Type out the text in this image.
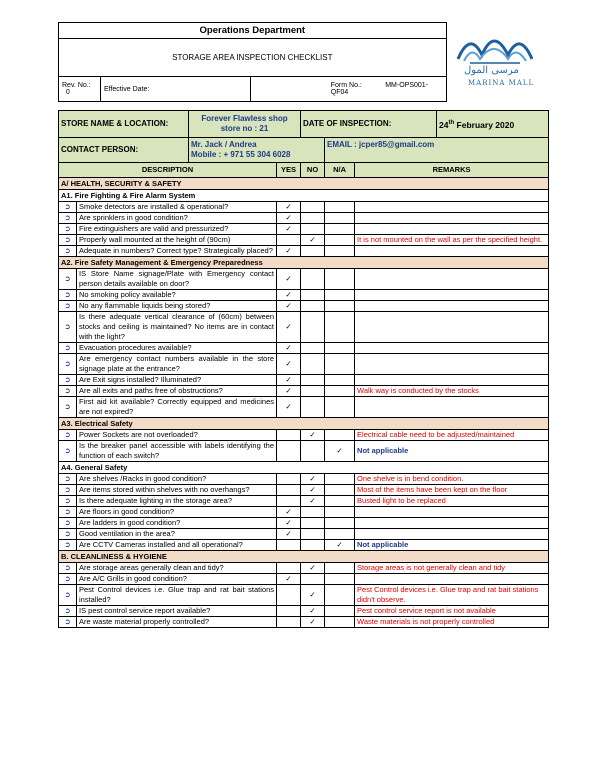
Operations Department			
STORAGE AREA INSPECTION CHECKLIST			
Rev. No.:   0	Effective Date:	Form No.: MM-OPS001-QF04	
مرسى المول
MARINA MALL
STORE NAME & LOCATION:		Forever Flawless shop store no : 21		DATE OF INSPECTION:			24th February 2020
CONTACT PERSON:		Mr. Jack / Andrea
Mobile : + 971 55 304 6028			EMAIL : jcper85@gmail.com		
DESCRIPTION			YES	NO	N/A	REMARKS	
A/ HEALTH, SECURITY & SAFETY							
A1. Fire Fighting & Fire Alarm System							
➲	Smoke detectors are installed & operational?		✓				
➲	Are sprinklers in good condition?		✓				
➲	Fire extinguishers are valid and pressurized?		✓				
➲	Properly wall mounted at the height of (90cm)			✓		It is not mounted on the wall as per the specified height.	
➲	Adequate in numbers? Correct type? Strategically placed?		✓				
A2. Fire Safety Management & Emergency Preparedness							
➲	IS Store Name signage/Plate with Emergency contact person details available on door?		✓				
➲	No smoking policy available?		✓				
➲	No any flammable liquids being stored?		✓				
➲	Is there adequate vertical clearance of (60cm) between stocks and ceiling is maintained? No items are in contact with the light?		✓				
➲	Evacuation procedures available?		✓				
➲	Are emergency contact numbers available in the store signage plate at the entrance?		✓				
➲	Are Exit signs installed? Illuminated?		✓				
➲	Are all exits and paths free of obstructions?		✓			Walk way is conducted by the stocks	
➲	First aid kit available? Correctly equipped and medicines are not expired?		✓				
A3. Electrical Safety							
➲	Power Sockets are not overloaded?			✓		Electrical cable need to be adjusted/maintained	
➲	Is the breaker panel accessible with labels identifying the function of each switch?				✓	Not applicable	
A4. General Safety							
➲	Are shelves /Racks in good condition?			✓		One shelve is in bend condition.	
➲	Are items stored within shelves with no overhangs?			✓		Most of the items have been kept on the floor	
➲	Is there adequate lighting in the storage area?			✓		Busted light to be replaced	
➲	Are floors in good condition?		✓				
➲	Are ladders in good condition?		✓				
➲	Good ventilation in the area?		✓				
➲	Are CCTV Cameras installed and all operational?				✓	Not applicable	
B. CLEANLINESS & HYGIENE							
➲	Are storage areas generally clean and tidy?			✓		Storage areas is not generally clean and tidy	
➲	Are A/C Grills in good condition?		✓				
➲	Pest Control devices i.e. Glue trap and rat bait stations installed?			✓		Pest Control devices i.e. Glue trap and rat bait stations didn't observe.	
➲	IS pest control service report available?			✓		Pest control service report is not available	
➲	Are waste material properly controlled?			✓		Waste materials is not properly controlled	
